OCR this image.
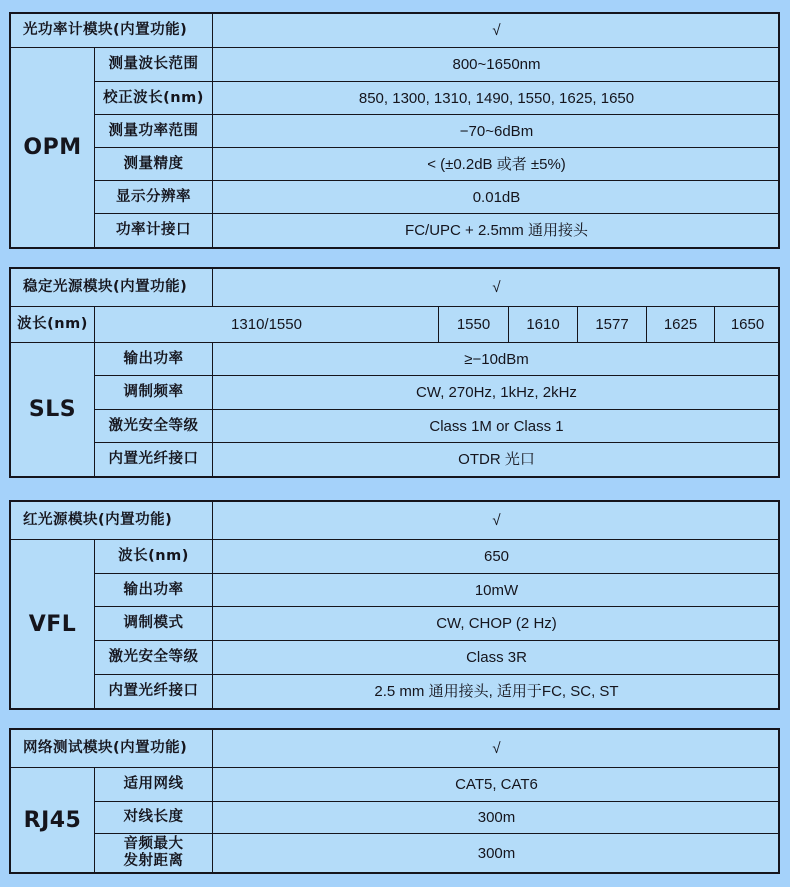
光功率计模块(内置功能)	√
OPM
测量波长范围	800~1650nm
校正波长(nm)	850, 1300, 1310, 1490, 1550, 1625, 1650
测量功率范围	−70~6dBm
测量精度	< (±0.2dB 或者 ±5%)
显示分辨率	0.01dB
功率计接口	FC/UPC + 2.5mm 通用接头
稳定光源模块(内置功能)	√
波长(nm)	1310/1550	1550	1610	1577	1625	1650
SLS
输出功率	≥−10dBm
调制频率	CW, 270Hz, 1kHz, 2kHz
激光安全等级	Class 1M or Class 1
内置光纤接口	OTDR 光口
红光源模块(内置功能)	√
VFL
波长(nm)	650
输出功率	10mW
调制模式	CW, CHOP (2 Hz)
激光安全等级	Class 3R
内置光纤接口	2.5 mm 通用接头, 适用于FC, SC, ST
网络测试模块(内置功能)	√
RJ45
适用网线	CAT5, CAT6
对线长度	300m
音频最大
发射距离	300m
